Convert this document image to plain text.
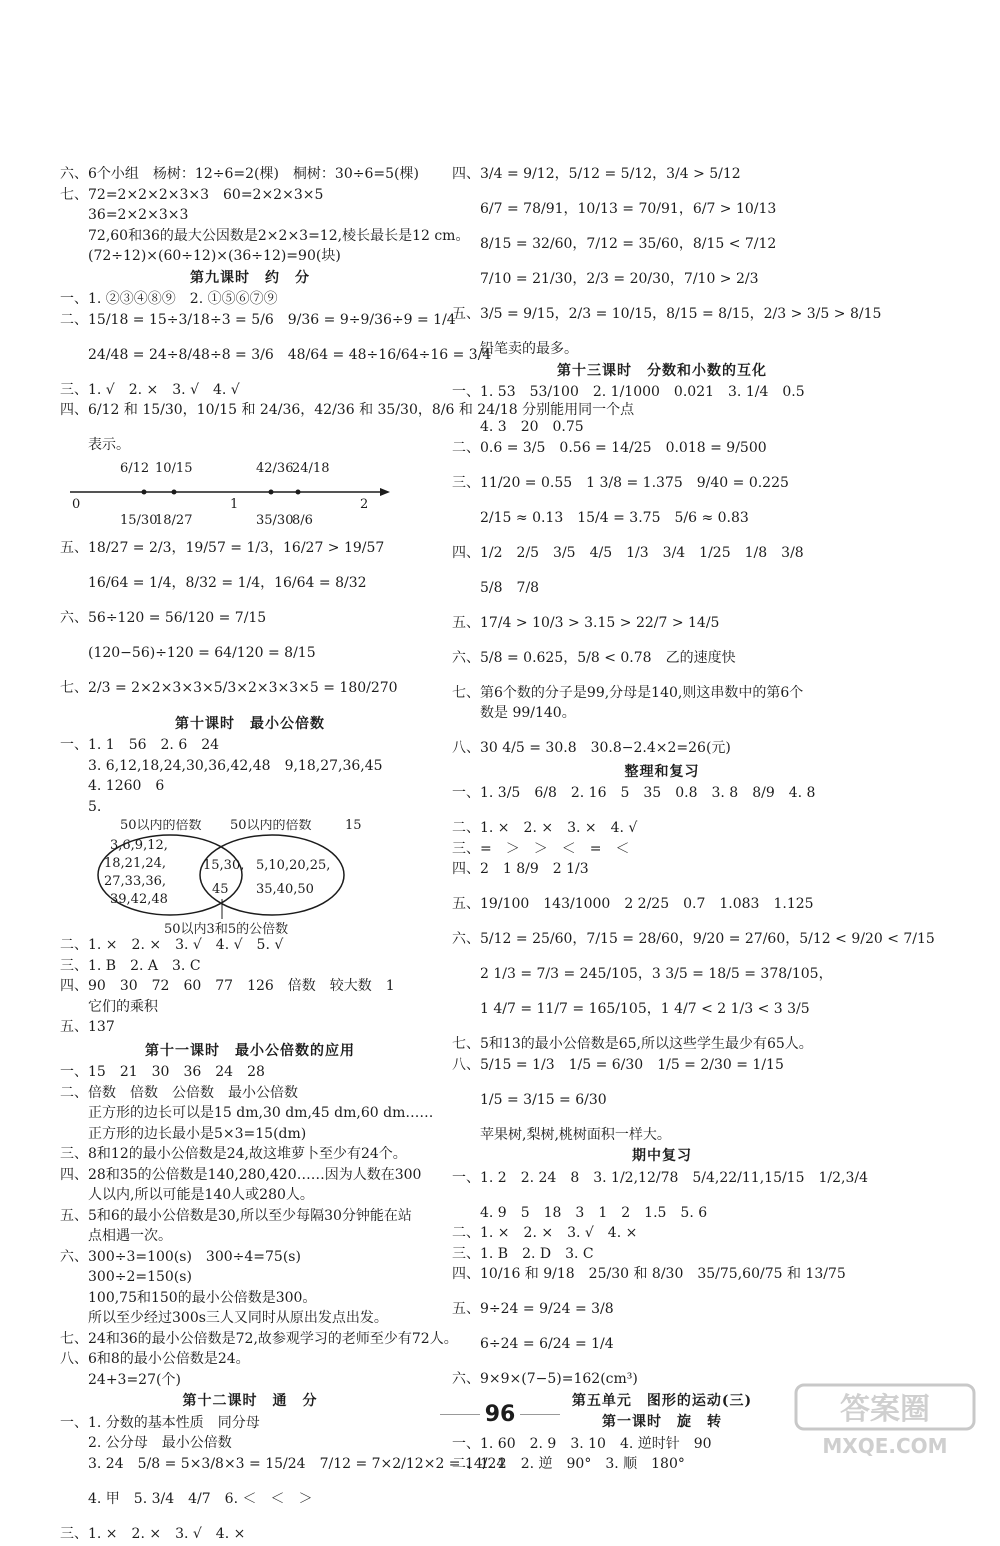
六、6个小组　杨树：12÷6=2(棵)　桐树：30÷6=5(棵)
七、72=2×2×2×3×3　60=2×2×3×5
　　36=2×2×3×3
　　72,60和36的最大公因数是2×2×3=12,棱长最长是12 cm。
　　(72÷12)×(60÷12)×(36÷12)=90(块)
第九课时　约　分
一、1. ②③④⑧⑨　2. ①⑤⑥⑦⑨
二、15/18 = 15÷3/18÷3 = 5/6　9/36 = 9÷9/36÷9 = 1/4
　　24/48 = 24÷8/48÷8 = 3/6　48/64 = 48÷16/64÷16 = 3/4
三、1. √　2. ×　3. √　4. √
四、6/12 和 15/30，10/15 和 24/36，42/36 和 35/30，8/6 和 24/18 分别能用同一个点
　　表示。
6/12 10/15	42/36
24/18
0	1	2
15/30
18/27	35/30
8/6
五、18/27 = 2/3，19/57 = 1/3，16/27 > 19/57
　　16/64 = 1/4，8/32 = 1/4，16/64 = 8/32
六、56÷120 = 56/120 = 7/15
　　(120−56)÷120 = 64/120 = 8/15
七、2/3 = 2×2×3×3×5/3×2×3×3×5 = 180/270
第十课时　最小公倍数
一、1. 1　56　2. 6　24
　　3. 6,12,18,24,30,36,42,48　9,18,27,36,45
　　4. 1260　6
　　5.
50以内的倍数 50以内的倍数	15
3,6,9,12,
18,21,24,
27,33,36,
39,42,48
15,30,
45
5,10,20,25,
35,40,50
50以内3和5的公倍数
二、1. ×　2. ×　3. √　4. √　5. √
三、1. B　2. A　3. C
四、90　30　72　60　77　126　倍数　较大数　1
　　它们的乘积
五、137
第十一课时　最小公倍数的应用
一、15　21　30　36　24　28
二、倍数　倍数　公倍数　最小公倍数
　　正方形的边长可以是15 dm,30 dm,45 dm,60 dm……
　　正方形的边长最小是5×3=15(dm)
三、8和12的最小公倍数是24,故这堆萝卜至少有24个。
四、28和35的公倍数是140,280,420……因为人数在300
　　人以内,所以可能是140人或280人。
五、5和6的最小公倍数是30,所以至少每隔30分钟能在站
　　点相遇一次。
六、300÷3=100(s)　300÷4=75(s)
　　300÷2=150(s)
　　100,75和150的最小公倍数是300。
　　所以至少经过300s三人又同时从原出发点出发。
七、24和36的最小公倍数是72,故参观学习的老师至少有72人。
八、6和8的最小公倍数是24。
　　24+3=27(个)
第十二课时　通　分
一、1. 分数的基本性质　同分母
　　2. 公分母　最小公倍数
　　3. 24　5/8 = 5×3/8×3 = 15/24　7/12 = 7×2/12×2 = 14/24
　　4. 甲　5. 3/4　4/7　6. ＜　＜　＞
三、1. ×　2. ×　3. √　4. ×
四、3/4 = 9/12，5/12 = 5/12，3/4 > 5/12
　　6/7 = 78/91，10/13 = 70/91，6/7 > 10/13
　　8/15 = 32/60，7/12 = 35/60，8/15 < 7/12
　　7/10 = 21/30，2/3 = 20/30，7/10 > 2/3
五、3/5 = 9/15，2/3 = 10/15，8/15 = 8/15，2/3 > 3/5 > 8/15
　　铅笔卖的最多。
第十三课时　分数和小数的互化
一、1. 53　53/100　2. 1/1000　0.021　3. 1/4　0.5
　　4. 3　20　0.75
二、0.6 = 3/5　0.56 = 14/25　0.018 = 9/500
三、11/20 = 0.55　1 3/8 = 1.375　9/40 = 0.225
　　2/15 ≈ 0.13　15/4 = 3.75　5/6 ≈ 0.83
四、1/2　2/5　3/5　4/5　1/3　3/4　1/25　1/8　3/8
　　5/8　7/8
五、17/4 > 10/3 > 3.15 > 22/7 > 14/5
六、5/8 = 0.625，5/8 < 0.78　乙的速度快
七、第6个数的分子是99,分母是140,则这串数中的第6个
　　数是 99/140。
八、30 4/5 = 30.8　30.8−2.4×2=26(元)
整理和复习
一、1. 3/5　6/8　2. 16　5　35　0.8　3. 8　8/9　4. 8
二、1. ×　2. ×　3. ×　4. √
三、=　＞　＞　＜　=　＜
四、2　1 8/9　2 1/3
五、19/100　143/1000　2 2/25　0.7　1.083　1.125
六、5/12 = 25/60，7/15 = 28/60，9/20 = 27/60，5/12 < 9/20 < 7/15
　　2 1/3 = 7/3 = 245/105，3 3/5 = 18/5 = 378/105，
　　1 4/7 = 11/7 = 165/105，1 4/7 < 2 1/3 < 3 3/5
七、5和13的最小公倍数是65,所以这些学生最少有65人。
八、5/15 = 1/3　1/5 = 6/30　1/5 = 2/30 = 1/15
　　1/5 = 3/15 = 6/30
　　苹果树,梨树,桃树面积一样大。
期中复习
一、1. 2　2. 24　8　3. 1/2,12/78　5/4,22/11,15/15　1/2,3/4
　　4. 9　5　18　3　1　2　1.5　5. 6
二、1. ×　2. ×　3. √　4. ×
三、1. B　2. D　3. C
四、10/16 和 9/18　25/30 和 8/30　35/75,60/75 和 13/75
五、9÷24 = 9/24 = 3/8
　　6÷24 = 6/24 = 1/4
六、9×9×(7−5)=162(cm³)
第五单元　图形的运动(三)
第一课时　旋　转
一、1. 60　2. 9　3. 10　4. 逆时针　90
二、1. 2　2. 逆　90°　3. 顺　180°
96	答案圈
MXQE.COM
